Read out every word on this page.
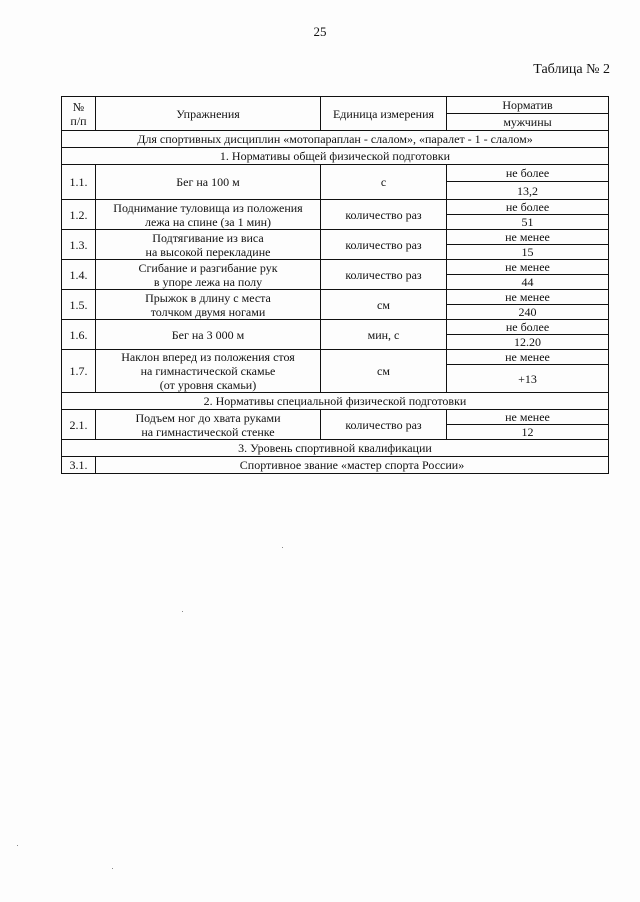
25
Таблица № 2
№
п/п	Упражнения	Единица измерения	Норматив
			мужчины
Для спортивных дисциплин «мотопараплан - слалом», «паралет - 1 - слалом»			
1. Нормативы общей физической подготовки			
1.1.	Бег на 100 м	с	не более
			13,2
1.2.	Поднимание туловища из положения
лежа на спине (за 1 мин)	количество раз	не более
			51
1.3.	Подтягивание из виса
на высокой перекладине	количество раз	не менее
			15
1.4.	Сгибание и разгибание рук
в упоре лежа на полу	количество раз	не менее
			44
1.5.	Прыжок в длину с места
толчком двумя ногами	см	не менее
			240
1.6.	Бег на 3 000 м	мин, с	не более
			12.20
1.7.	Наклон вперед из положения стоя
на гимнастической скамье
(от уровня скамьи)	см	не менее
			+13
2. Нормативы специальной физической подготовки			
2.1.	Подъем ног до хвата руками
на гимнастической стенке	количество раз	не менее
			12
3. Уровень спортивной квалификации			
3.1.	Спортивное звание «мастер спорта России»		
